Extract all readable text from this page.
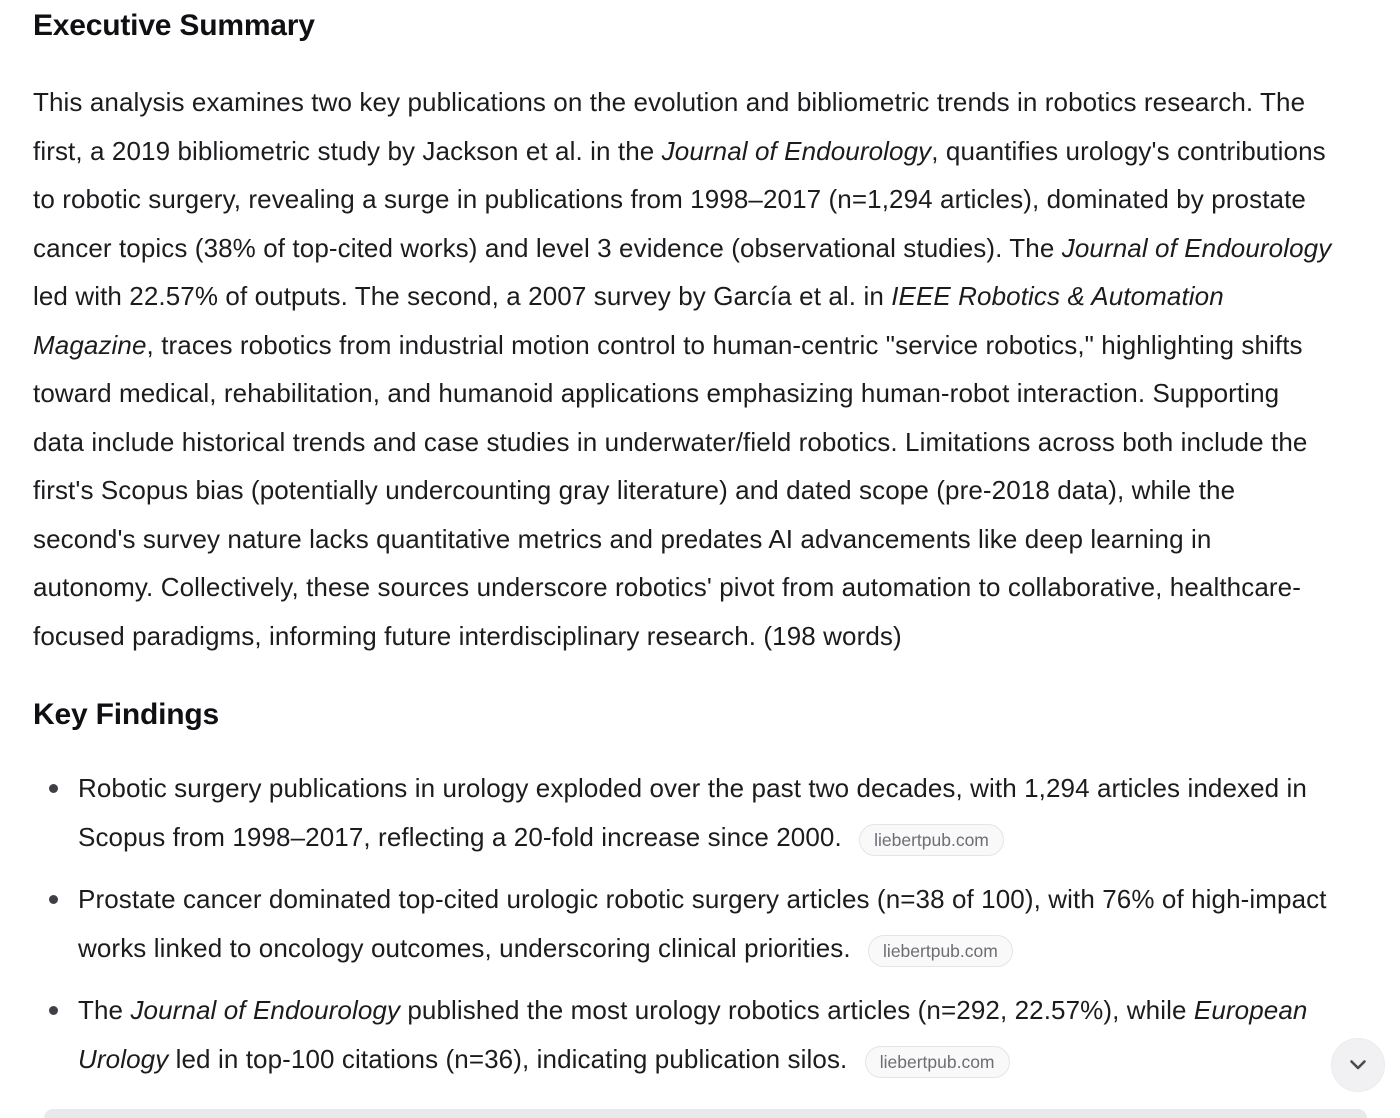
Executive Summary

This analysis examines two key publications on the evolution and bibliometric trends in robotics research. The first, a 2019 bibliometric study by Jackson et al. in the Journal of Endourology, quantifies urology's contributions to robotic surgery, revealing a surge in publications from 1998–2017 (n=1,294 articles), dominated by prostate cancer topics (38% of top-cited works) and level 3 evidence (observational studies). The Journal of Endourology led with 22.57% of outputs. The second, a 2007 survey by García et al. in IEEE Robotics & Automation Magazine, traces robotics from industrial motion control to human-centric "service robotics," highlighting shifts toward medical, rehabilitation, and humanoid applications emphasizing human-robot interaction. Supporting data include historical trends and case studies in underwater/field robotics. Limitations across both include the first's Scopus bias (potentially undercounting gray literature) and dated scope (pre-2018 data), while the second's survey nature lacks quantitative metrics and predates AI advancements like deep learning in autonomy. Collectively, these sources underscore robotics' pivot from automation to collaborative, healthcare-focused paradigms, informing future interdisciplinary research. (198 words)

Key Findings
Robotic surgery publications in urology exploded over the past two decades, with 1,294 articles indexed in Scopus from 1998–2017, reflecting a 20-fold increase since 2000. liebertpub.com
Prostate cancer dominated top-cited urologic robotic surgery articles (n=38 of 100), with 76% of high-impact works linked to oncology outcomes, underscoring clinical priorities. liebertpub.com
The Journal of Endourology published the most urology robotics articles (n=292, 22.57%), while European Urology led in top-100 citations (n=36), indicating publication silos. liebertpub.com
